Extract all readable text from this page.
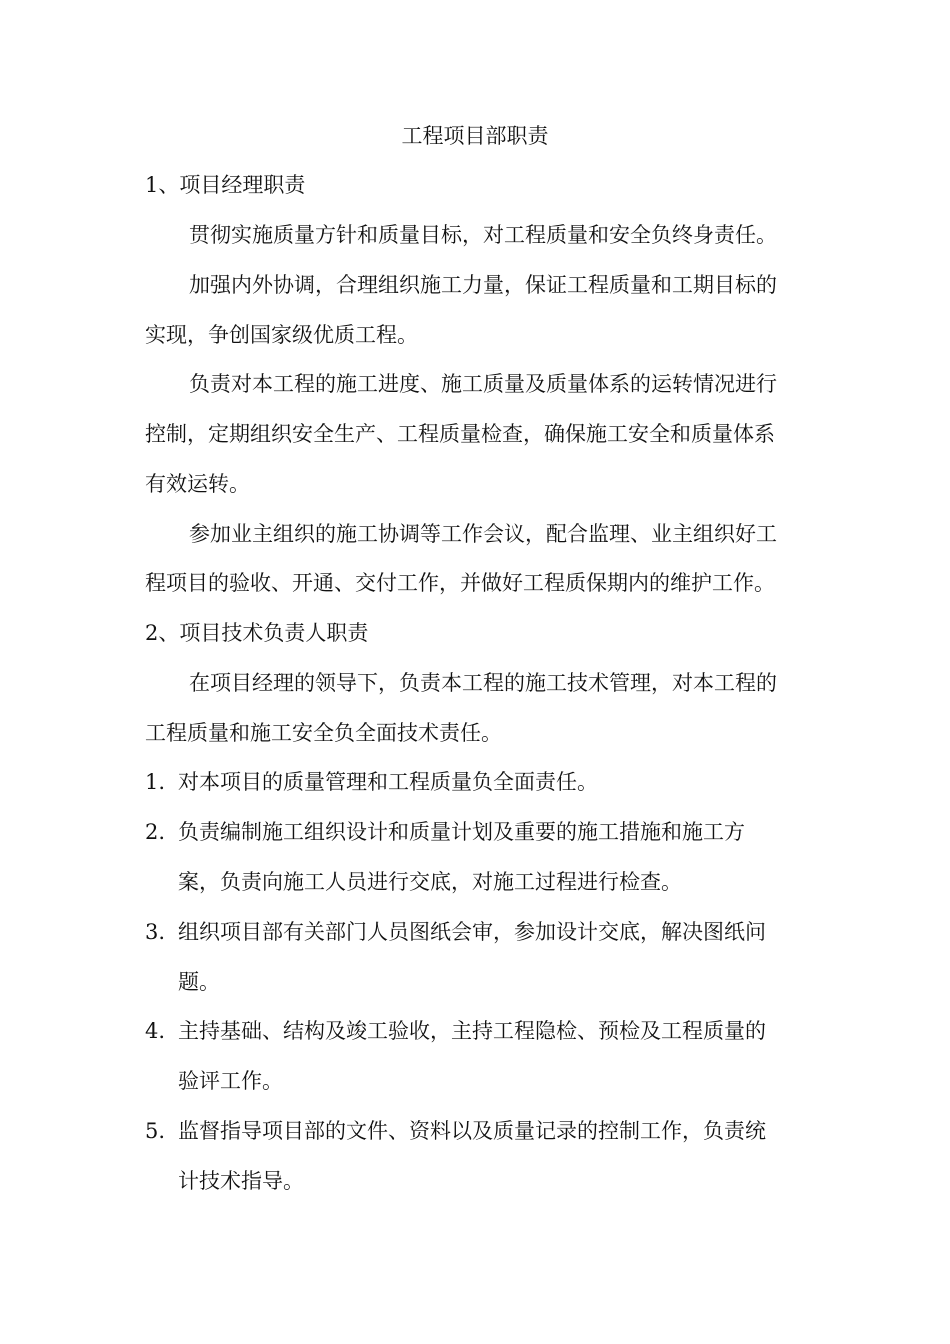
工程项目部职责

1、项目经理职责

贯彻实施质量方针和质量目标，对工程质量和安全负终身责任。

加强内外协调，合理组织施工力量，保证工程质量和工期目标的

实现，争创国家级优质工程。

负责对本工程的施工进度、施工质量及质量体系的运转情况进行

控制，定期组织安全生产、工程质量检查，确保施工安全和质量体系

有效运转。

参加业主组织的施工协调等工作会议，配合监理、业主组织好工

程项目的验收、开通、交付工作，并做好工程质保期内的维护工作。

2、项目技术负责人职责

在项目经理的领导下，负责本工程的施工技术管理，对本工程的

工程质量和施工安全负全面技术责任。

1. 对本项目的质量管理和工程质量负全面责任。
2. 负责编制施工组织设计和质量计划及重要的施工措施和施工方
案，负责向施工人员进行交底，对施工过程进行检查。
3. 组织项目部有关部门人员图纸会审，参加设计交底，解决图纸问
题。
4. 主持基础、结构及竣工验收，主持工程隐检、预检及工程质量的
验评工作。
5. 监督指导项目部的文件、资料以及质量记录的控制工作，负责统
计技术指导。
